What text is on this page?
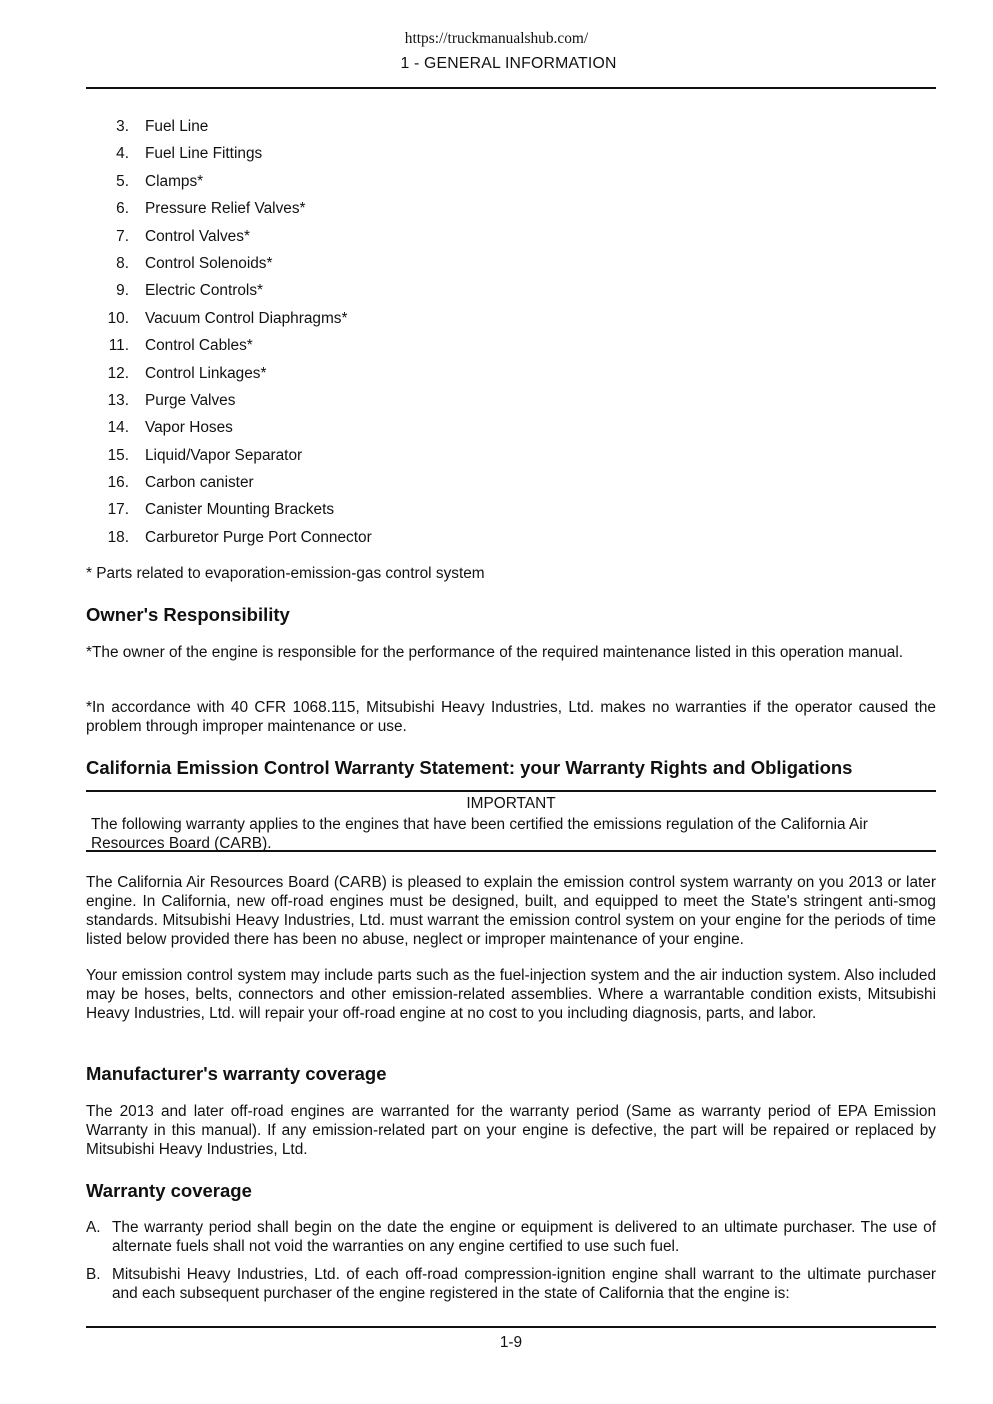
https://truckmanualshub.com/
1 - GENERAL INFORMATION
3. Fuel Line
4. Fuel Line Fittings
5. Clamps*
6. Pressure Relief Valves*
7. Control Valves*
8. Control Solenoids*
9. Electric Controls*
10. Vacuum Control Diaphragms*
11. Control Cables*
12. Control Linkages*
13. Purge Valves
14. Vapor Hoses
15. Liquid/Vapor Separator
16. Carbon canister
17. Canister Mounting Brackets
18. Carburetor Purge Port Connector
* Parts related to evaporation-emission-gas control system
Owner's Responsibility
*The owner of the engine is responsible for the performance of the required maintenance listed in this operation manual.
*In accordance with 40 CFR 1068.115, Mitsubishi Heavy Industries, Ltd. makes no warranties if the operator caused the problem through improper maintenance or use.
California Emission Control Warranty Statement: your Warranty Rights and Obligations
IMPORTANT
The following warranty applies to the engines that have been certified the emissions regulation of the California Air Resources Board (CARB).
The California Air Resources Board (CARB) is pleased to explain the emission control system warranty on you 2013 or later engine. In California, new off-road engines must be designed, built, and equipped to meet the State's stringent anti-smog standards. Mitsubishi Heavy Industries, Ltd. must warrant the emission control system on your engine for the periods of time listed below provided there has been no abuse, neglect or improper maintenance of your engine.
Your emission control system may include parts such as the fuel-injection system and the air induction system. Also included may be hoses, belts, connectors and other emission-related assemblies. Where a warrantable condition exists, Mitsubishi Heavy Industries, Ltd. will repair your off-road engine at no cost to you including diagnosis, parts, and labor.
Manufacturer's warranty coverage
The 2013 and later off-road engines are warranted for the warranty period (Same as warranty period of EPA Emission Warranty in this manual). If any emission-related part on your engine is defective, the part will be repaired or replaced by Mitsubishi Heavy Industries, Ltd.
Warranty coverage
A. The warranty period shall begin on the date the engine or equipment is delivered to an ultimate purchaser. The use of alternate fuels shall not void the warranties on any engine certified to use such fuel.
B. Mitsubishi Heavy Industries, Ltd. of each off-road compression-ignition engine shall warrant to the ultimate purchaser and each subsequent purchaser of the engine registered in the state of California that the engine is:
1-9
